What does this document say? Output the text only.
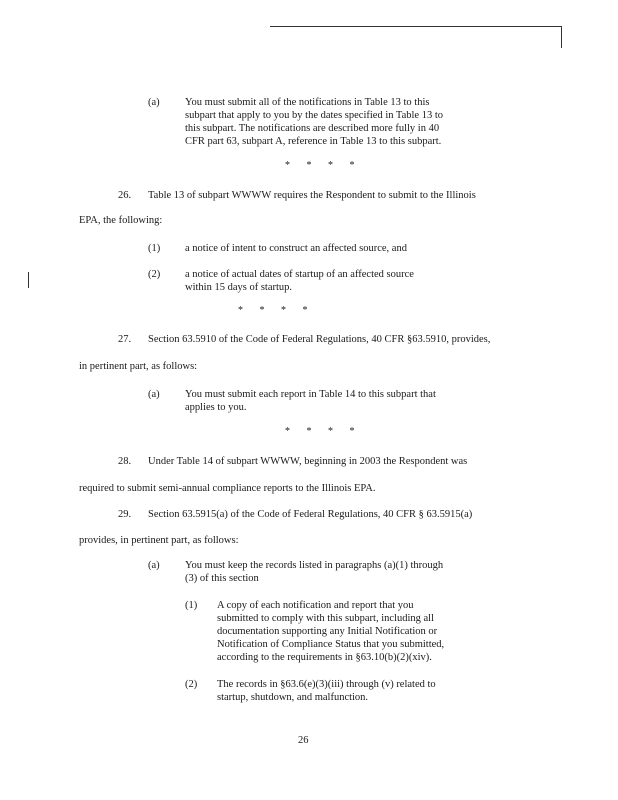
(a) You must submit all of the notifications in Table 13 to this
subpart that apply to you by the dates specified in Table 13 to
this subpart. The notifications are described more fully in 40
CFR part 63, subpart A, reference in Table 13 to this subpart.
* * * *
26. Table 13 of subpart WWWW requires the Respondent to submit to the Illinois
EPA, the following:
(1) a notice of intent to construct an affected source, and
(2) a notice of actual dates of startup of an affected source
within 15 days of startup.
* * * *
27. Section 63.5910 of the Code of Federal Regulations, 40 CFR §63.5910, provides,
in pertinent part, as follows:
(a) You must submit each report in Table 14 to this subpart that
applies to you.
* * * *
28. Under Table 14 of subpart WWWW, beginning in 2003 the Respondent was
required to submit semi-annual compliance reports to the Illinois EPA.
29. Section 63.5915(a) of the Code of Federal Regulations, 40 CFR § 63.5915(a)
provides, in pertinent part, as follows:
(a) You must keep the records listed in paragraphs (a)(1) through
(3) of this section
(1) A copy of each notification and report that you
submitted to comply with this subpart, including all
documentation supporting any Initial Notification or
Notification of Compliance Status that you submitted,
according to the requirements in §63.10(b)(2)(xiv).
(2) The records in §63.6(e)(3)(iii) through (v) related to
startup, shutdown, and malfunction.
26
